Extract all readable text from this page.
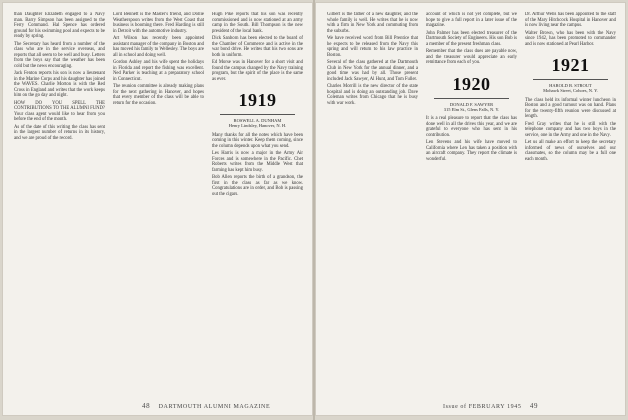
than Daughter Elizabeth engaged to a Navy man. Barry Simpson has been assigned to the Ferry Command. Hal Spence has ordered ground for his swimming pool and expects to be ready by spring.

The Secretary has heard from a number of the class who are in the service overseas, and reports that all seem to be well and busy. Letters from the boys say that the weather has been cold but the news encouraging.

Jack Fenton reports his son is now a lieutenant in the Marine Corps and his daughter has joined the WAVES. Charlie Morton is with the Red Cross in England and writes that the work keeps him on the go day and night.

HOW DO YOU SPELL THE CONTRIBUTIONS TO THE ALUMNI FUND? Your class agent would like to hear from you before the end of the month.

As of the date of this writing the class has sent in the largest number of returns in its history, and we are proud of the record.

Lord Bennett is the Master's friend, and Dollie Weatherspoon writes from the West Coast that business is booming there. Fred Harding is still in Detroit with the automotive industry.

Art Wilson has recently been appointed assistant manager of the company in Boston and has moved his family to Wellesley. The boys are all in school and doing well.

Gordon Ashley and his wife spent the holidays in Florida and report the fishing was excellent. Ned Parker is teaching at a preparatory school in Connecticut.

The reunion committee is already making plans for the next gathering in Hanover, and hopes that every member of the class will be able to return for the occasion.

Hugh Pike reports that his son was recently commissioned and is now stationed at an army camp in the South. Bill Thompson is the new president of the local bank.

Dick Sanborn has been elected to the board of the Chamber of Commerce and is active in the war bond drive. He writes that his two sons are both in uniform.

Ed Morse was in Hanover for a short visit and found the campus changed by the Navy training program, but the spirit of the place is the same as ever.

1919
ROSWELL A. DUNHAM
Henry Lindsley, Hanover, N. H.

Many thanks for all the notes which have been coming in this winter. Keep them coming, since the column depends upon what you send.

Les Harris is now a major in the Army Air Forces and is somewhere in the Pacific. Chet Roberts writes from the Middle West that farming has kept him busy.

Bob Allen reports the birth of a grandson, the first in the class as far as we know. Congratulations are in order, and Bob is passing out the cigars.

48 DARTMOUTH ALUMNI MAGAZINE

Gilbert is the father of a new daughter, and the whole family is well. He writes that he is now with a firm in New York and commuting from the suburbs.

We have received word from Bill Prentice that he expects to be released from the Navy this spring and will return to his law practice in Boston.

Several of the class gathered at the Dartmouth Club in New York for the annual dinner, and a good time was had by all. Those present included Jack Sawyer, Al Hunt, and Tom Fuller.

Charles Morrill is the new director of the state hospital and is doing an outstanding job. Dave Coleman writes from Chicago that he is busy with war work.

account of which is not yet complete, but we hope to give a full report in a later issue of the magazine.

John Palmer has been elected treasurer of the Dartmouth Society of Engineers. His son Bob is a member of the present freshman class.

Remember that the class dues are payable now, and the treasurer would appreciate an early remittance from each of you.

1920
DONALD F. SAWYER
315 Elm St., Glens Falls, N. Y.

It is a real pleasure to report that the class has done well in all the drives this year, and we are grateful to everyone who has sent in his contribution.

Len Stevens and his wife have moved to California where Len has taken a position with an aircraft company. They report the climate is wonderful.

Dr. Arthur Wells has been appointed to the staff of the Mary Hitchcock Hospital in Hanover and is now living near the campus.

Walter Brown, who has been with the Navy since 1942, has been promoted to commander and is now stationed at Pearl Harbor.

1921
HAROLD B. STROUT
Mohawk Street, Cohoes, N. Y.

The class held its informal winter luncheon in Boston and a good turnout was on hand. Plans for the twenty-fifth reunion were discussed at length.

Fred Gray writes that he is still with the telephone company and has two boys in the service, one in the Army and one in the Navy.

Let us all make an effort to keep the secretary informed of news of ourselves and our classmates, so the column may be a full one each month.

Issue of FEBRUARY 1945 49
